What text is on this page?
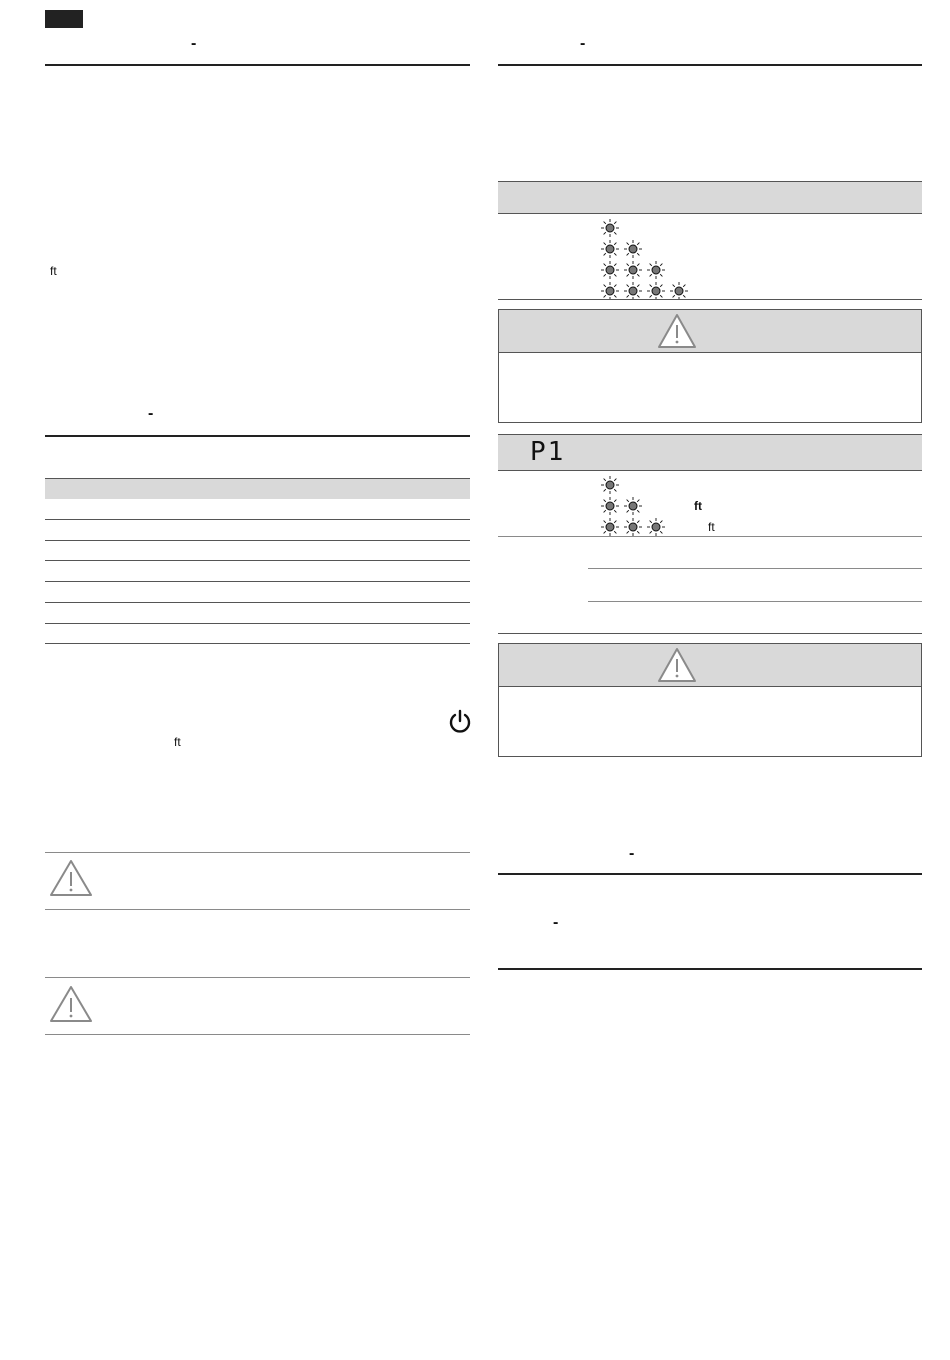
-
ft
-
ft
-
P1
ft
ft
-
-
